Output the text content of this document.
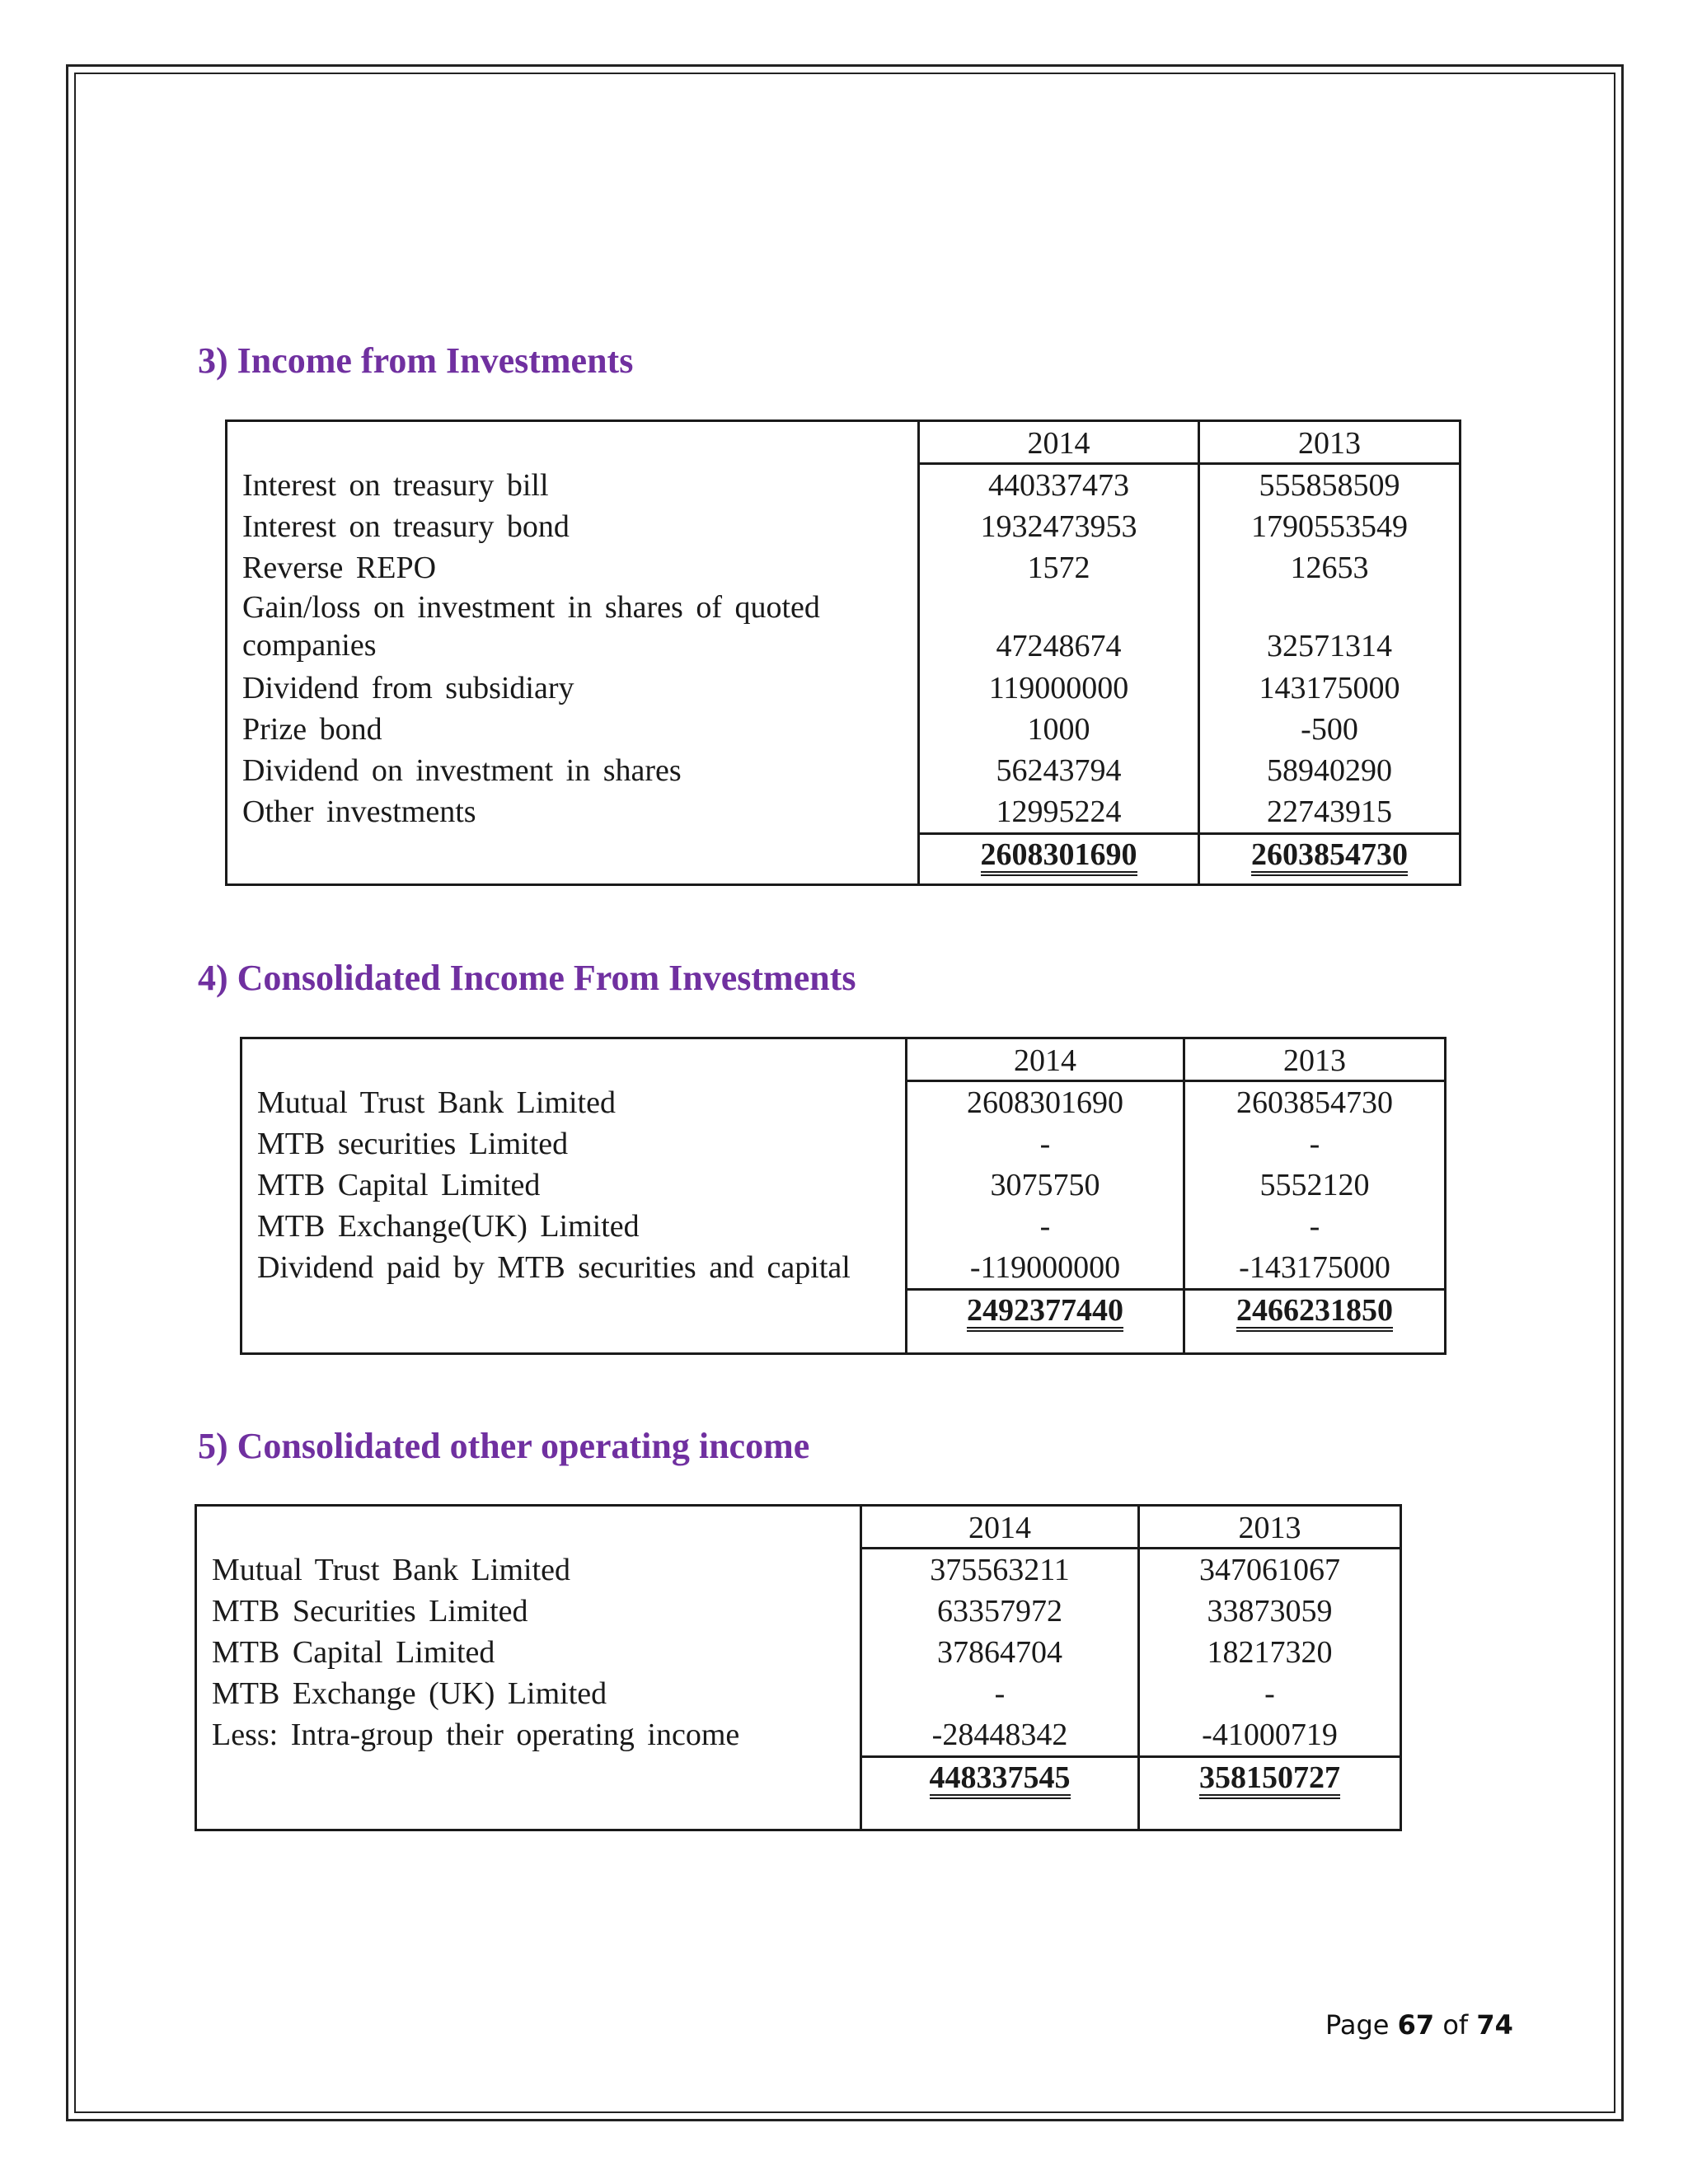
3) Income from Investments
Interest on treasury bill
Interest on treasury bond
Reverse REPO
Gain/loss on investment in shares of quoted companies
Dividend from subsidiary
Prize bond
Dividend on investment in shares
Other investments
2014
440337473
1932473953
1572
47248674
119000000
1000
56243794
12995224
2608301690
2013
555858509
1790553549
12653
32571314
143175000
-500
58940290
22743915
2603854730
4) Consolidated Income From Investments
Mutual Trust Bank Limited
MTB securities Limited
MTB Capital Limited
MTB Exchange(UK) Limited
Dividend paid by MTB securities and capital
2014
2608301690
-
3075750
-
-119000000
2492377440
2013
2603854730
-
5552120
-
-143175000
2466231850
5) Consolidated other operating income
Mutual Trust Bank Limited
MTB Securities Limited
MTB Capital Limited
MTB Exchange (UK) Limited
Less: Intra-group their operating income
2014
375563211
63357972
37864704
-
-28448342
448337545
2013
347061067
33873059
18217320
-
-41000719
358150727
Page 67 of 74
